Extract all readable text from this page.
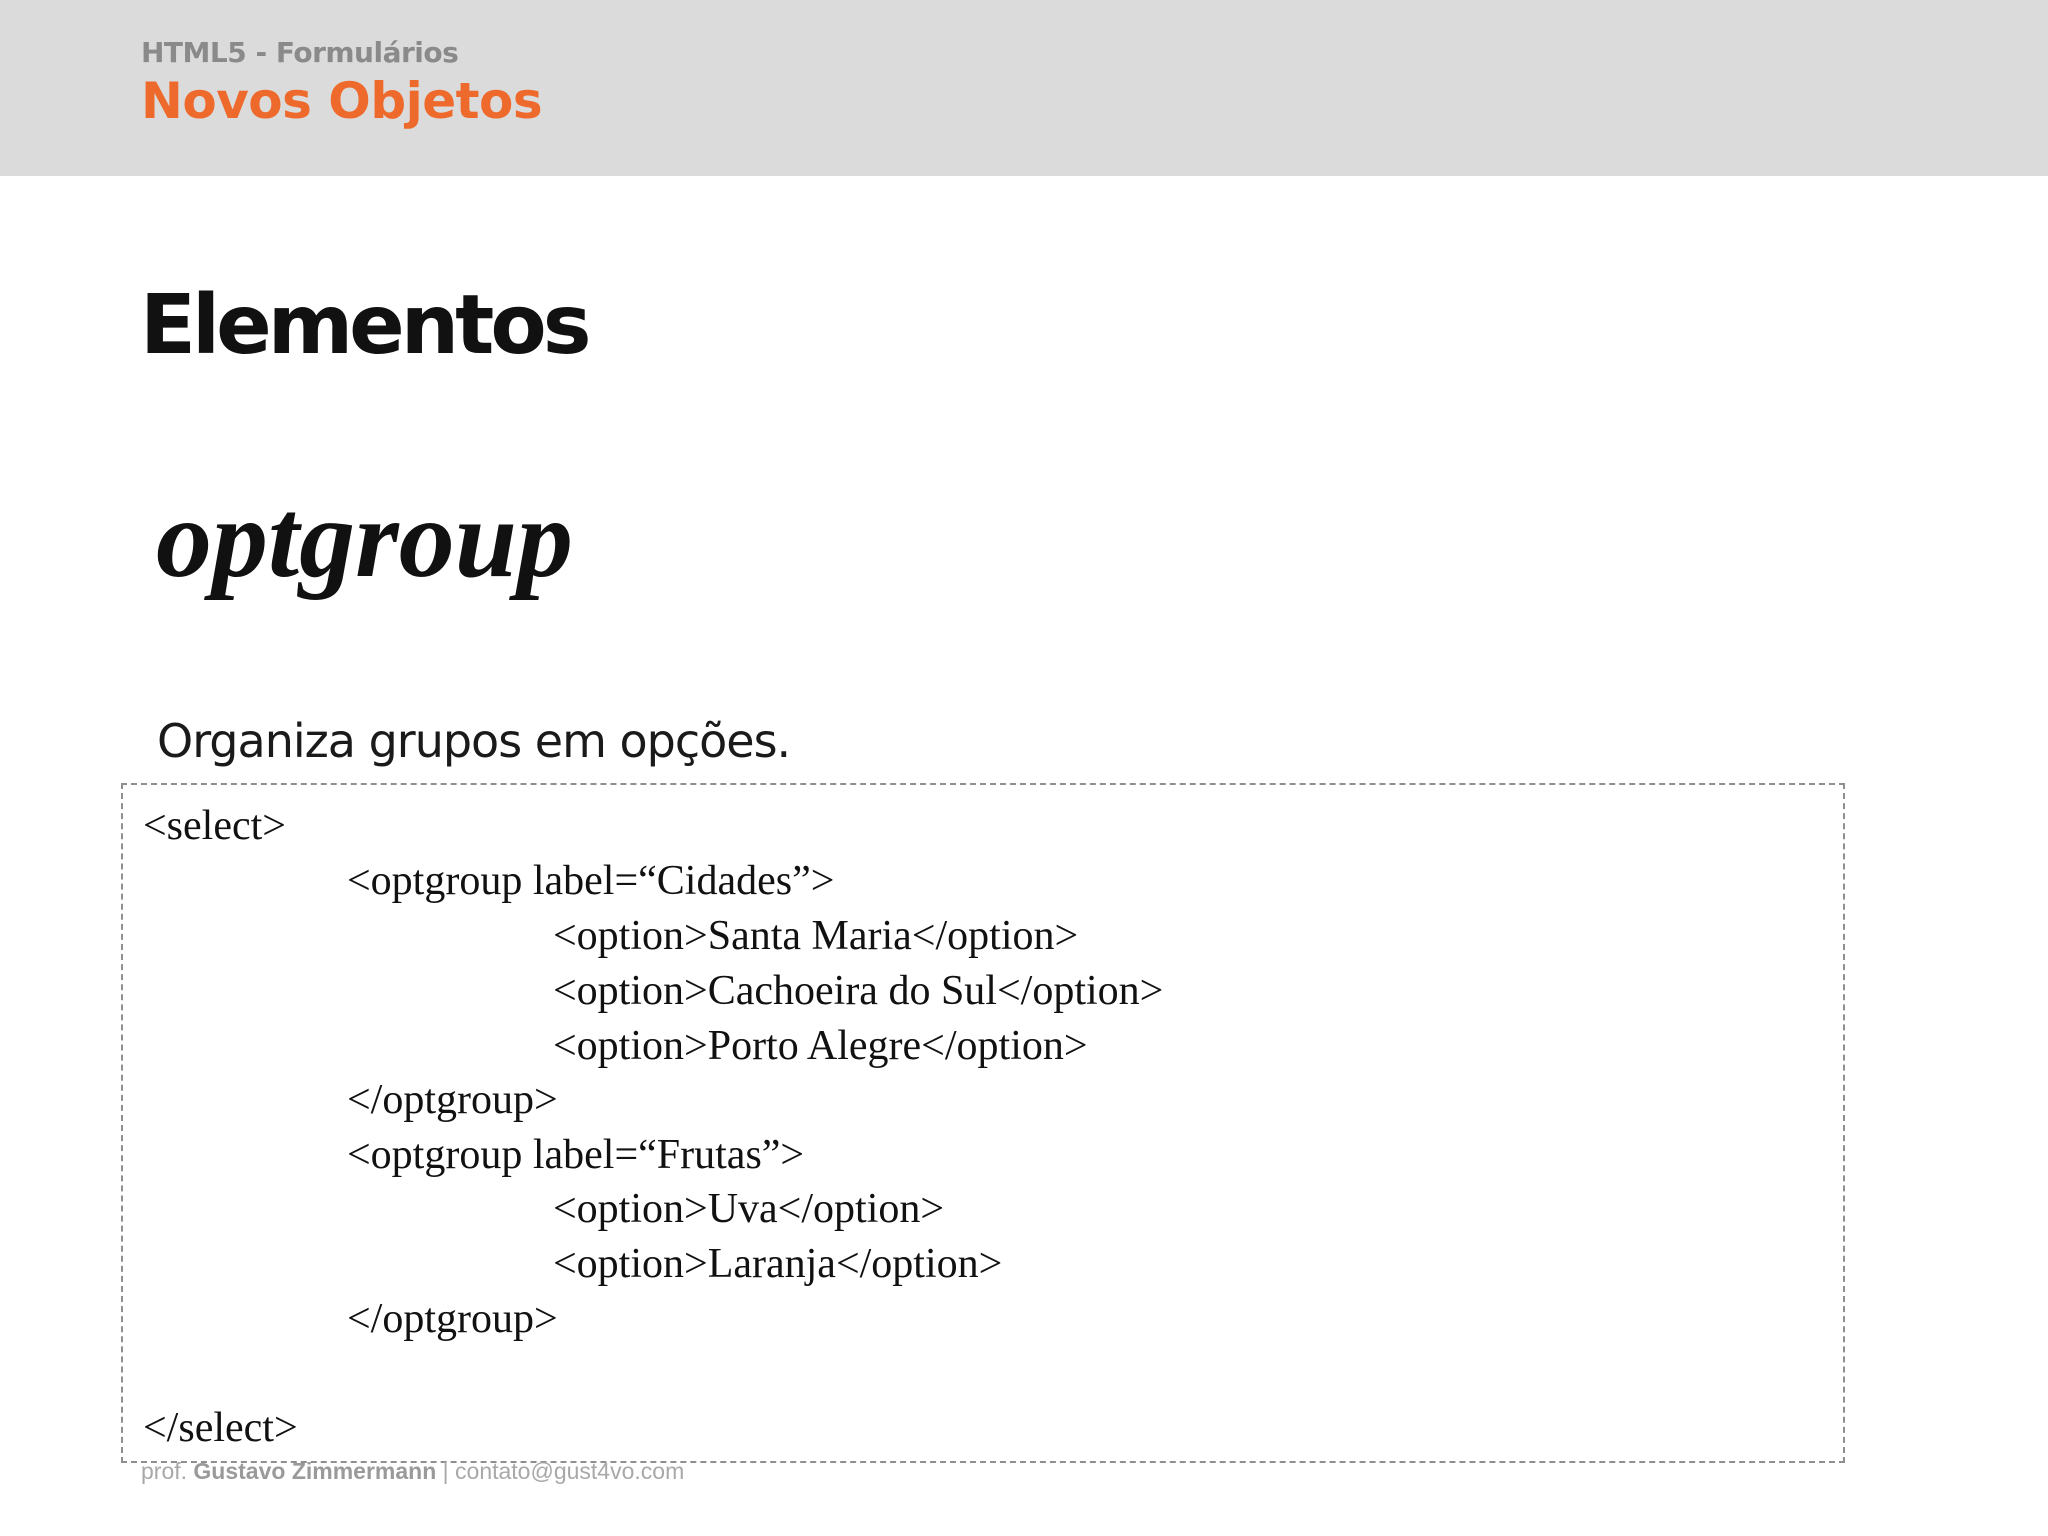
HTML5 - Formulários
Novos Objetos
Elementos
optgroup
Organiza grupos em opções.
<select>
<optgroup label=“Cidades”>
<option>Santa Maria</option>
<option>Cachoeira do Sul</option>
<option>Porto Alegre</option>
</optgroup>
<optgroup label=“Frutas”>
<option>Uva</option>
<option>Laranja</option>
</optgroup>
</select>
prof. Gustavo Zimmermann | contato@gust4vo.com
